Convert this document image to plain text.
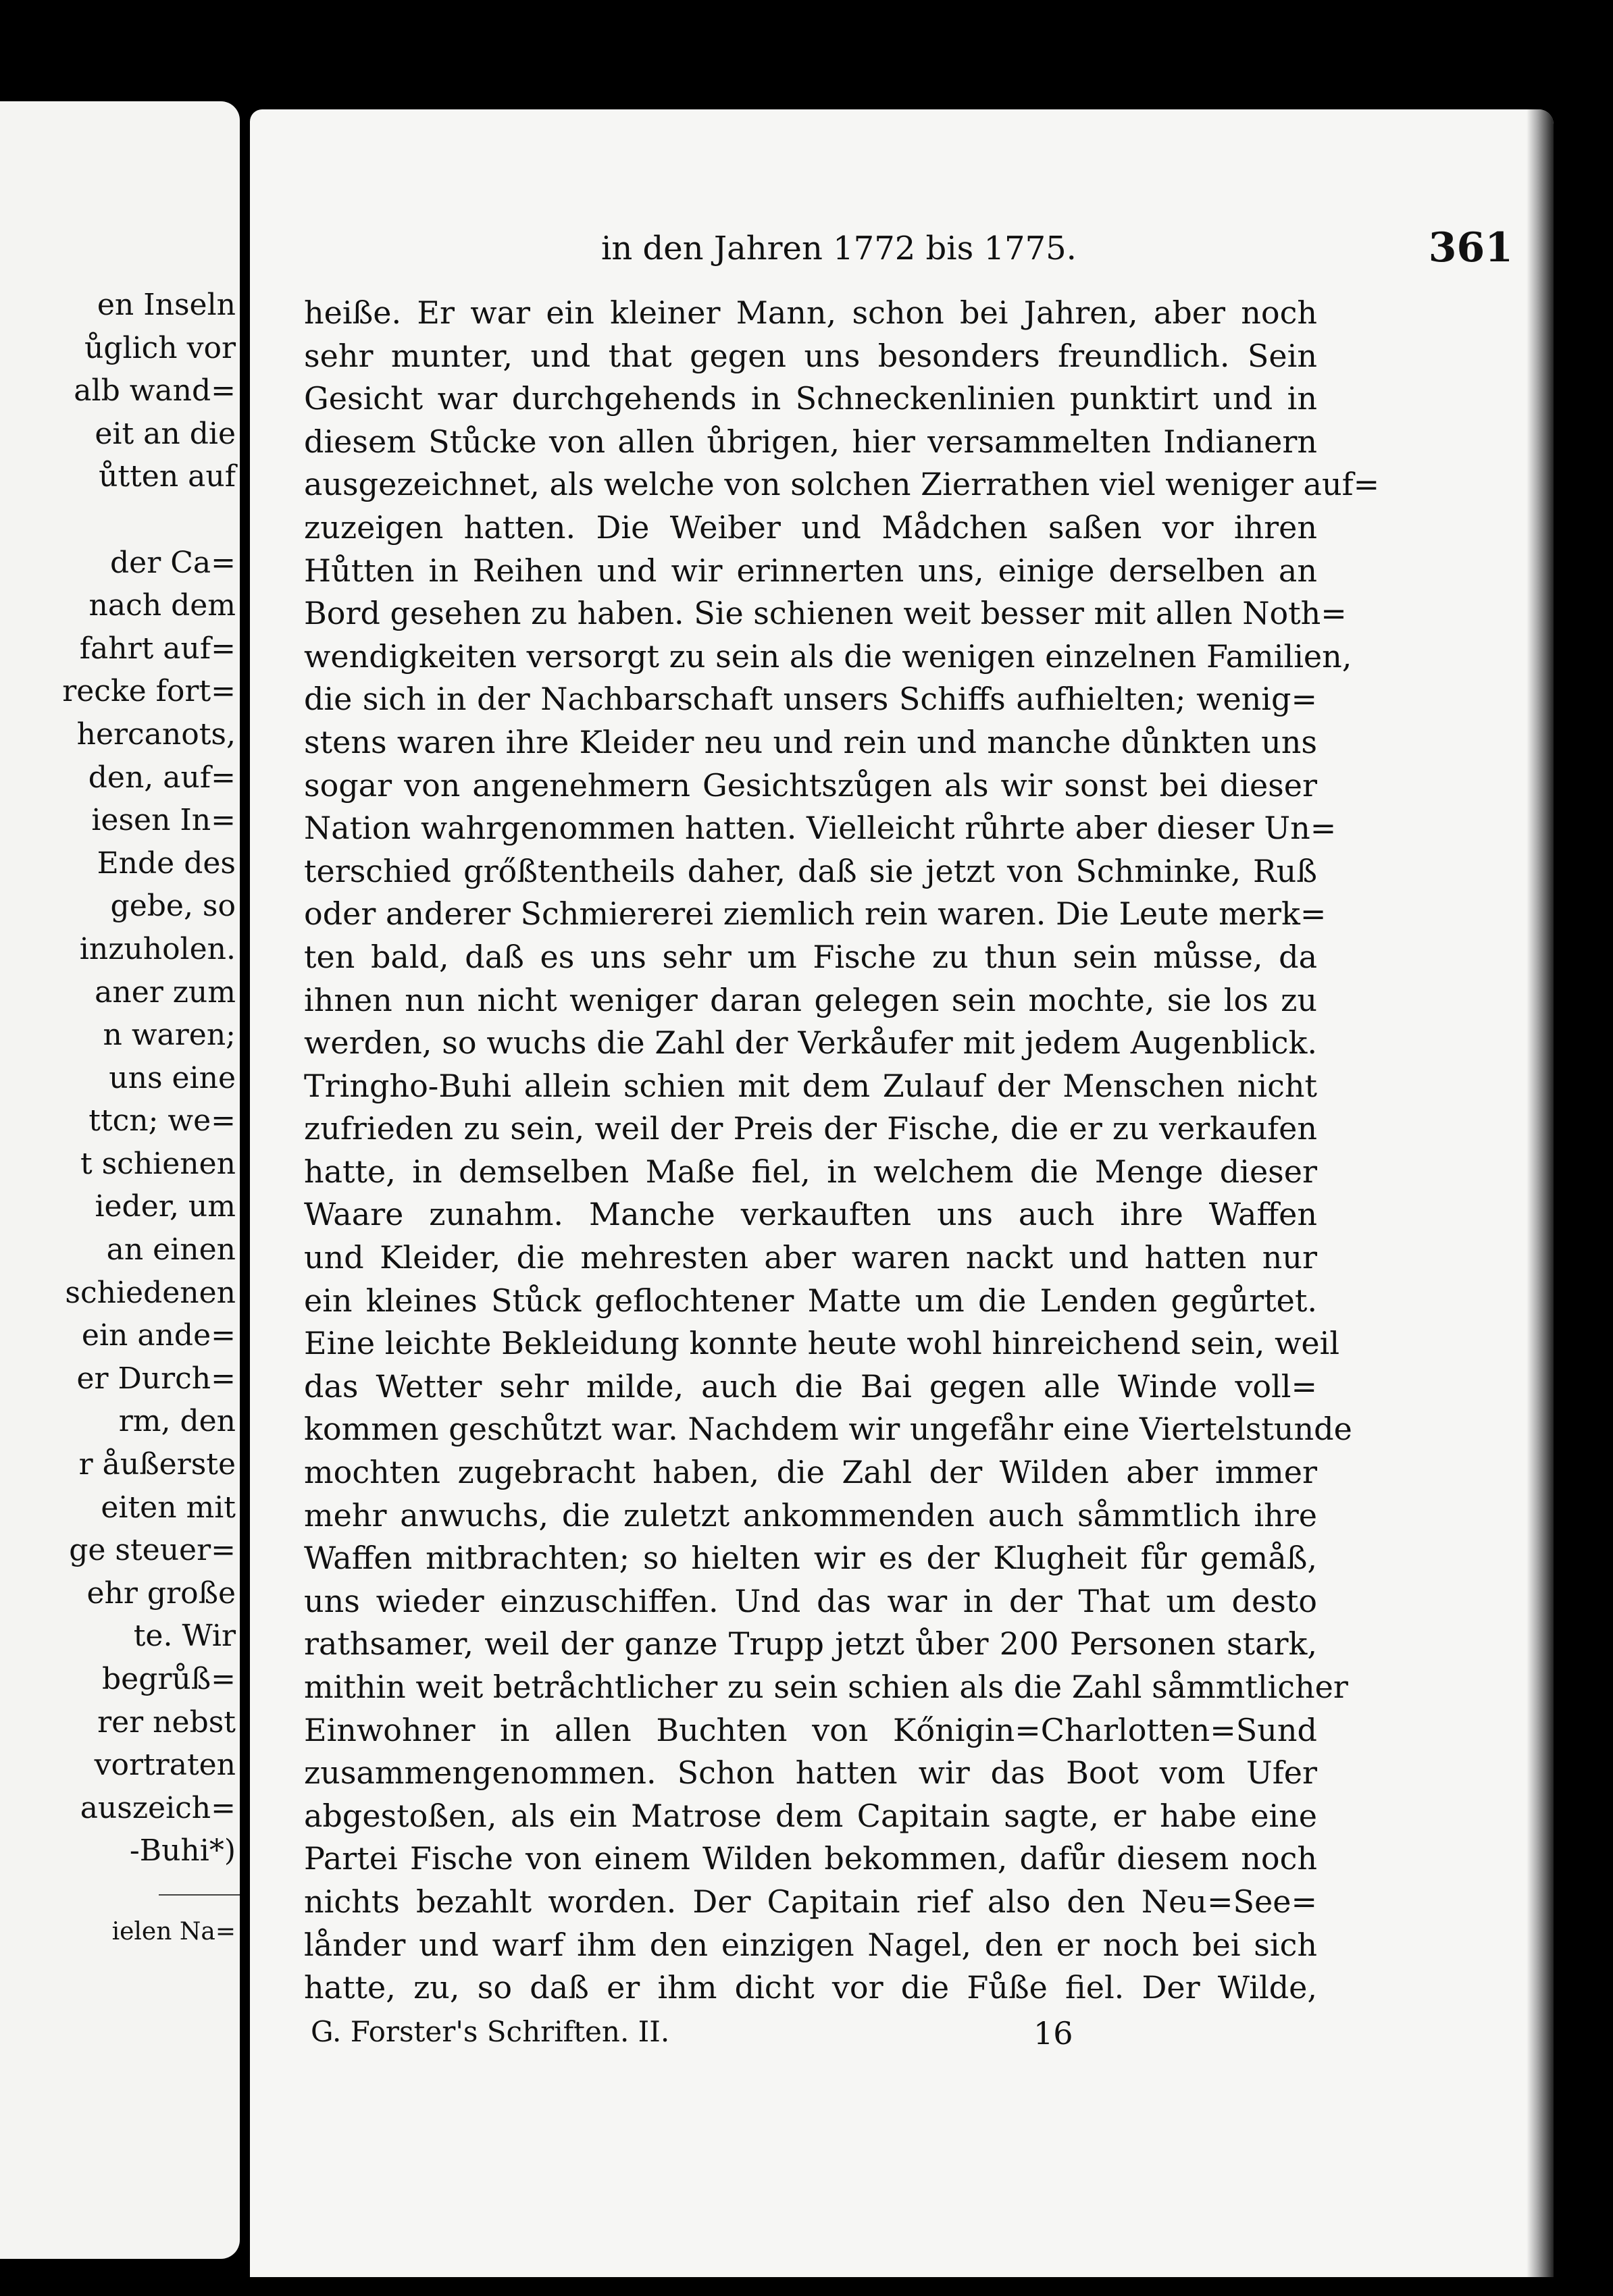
en Inseln
ůglich vor
alb wand=
eit an die
ůtten auf
der Ca=
nach dem
fahrt auf=
recke fort=
hercanots,
den, auf=
iesen In=
Ende des
gebe, so
inzuholen.
aner zum
n waren;
uns eine
ttcn; we=
t schienen
ieder, um
an einen
schiedenen
ein ande=
er Durch=
rm, den
r åußerste
eiten mit
ge steuer=
ehr große
te. Wir
begrůß=
rer nebst
vortraten
auszeich=
-Buhi*)
ielen Na=
in den Jahren 1772 bis 1775.	361
heiße. Er war ein kleiner Mann, schon bei Jahren, aber noch
sehr munter, und that gegen uns besonders freundlich. Sein
Gesicht war durchgehends in Schneckenlinien punktirt und in
diesem Stůcke von allen ůbrigen, hier versammelten Indianern
ausgezeichnet, als welche von solchen Zierrathen viel weniger auf=
zuzeigen hatten. Die Weiber und Mådchen saßen vor ihren
Hůtten in Reihen und wir erinnerten uns, einige derselben an
Bord gesehen zu haben. Sie schienen weit besser mit allen Noth=
wendigkeiten versorgt zu sein als die wenigen einzelnen Familien,
die sich in der Nachbarschaft unsers Schiffs aufhielten; wenig=
stens waren ihre Kleider neu und rein und manche důnkten uns
sogar von angenehmern Gesichtszůgen als wir sonst bei dieser
Nation wahrgenommen hatten. Vielleicht růhrte aber dieser Un=
terschied grőßtentheils daher, daß sie jetzt von Schminke, Ruß
oder anderer Schmiererei ziemlich rein waren. Die Leute merk=
ten bald, daß es uns sehr um Fische zu thun sein můsse, da
ihnen nun nicht weniger daran gelegen sein mochte, sie los zu
werden, so wuchs die Zahl der Verkåufer mit jedem Augenblick.
Tringho-Buhi allein schien mit dem Zulauf der Menschen nicht
zufrieden zu sein, weil der Preis der Fische, die er zu verkaufen
hatte, in demselben Maße fiel, in welchem die Menge dieser
Waare zunahm. Manche verkauften uns auch ihre Waffen
und Kleider, die mehresten aber waren nackt und hatten nur
ein kleines Stůck geflochtener Matte um die Lenden gegůrtet.
Eine leichte Bekleidung konnte heute wohl hinreichend sein, weil
das Wetter sehr milde, auch die Bai gegen alle Winde voll=
kommen geschůtzt war. Nachdem wir ungefåhr eine Viertelstunde
mochten zugebracht haben, die Zahl der Wilden aber immer
mehr anwuchs, die zuletzt ankommenden auch såmmtlich ihre
Waffen mitbrachten; so hielten wir es der Klugheit fůr gemåß,
uns wieder einzuschiffen. Und das war in der That um desto
rathsamer, weil der ganze Trupp jetzt ůber 200 Personen stark,
mithin weit betråchtlicher zu sein schien als die Zahl såmmtlicher
Einwohner in allen Buchten von Kőnigin=Charlotten=Sund
zusammengenommen. Schon hatten wir das Boot vom Ufer
abgestoßen, als ein Matrose dem Capitain sagte, er habe eine
Partei Fische von einem Wilden bekommen, dafůr diesem noch
nichts bezahlt worden. Der Capitain rief also den Neu=See=
lånder und warf ihm den einzigen Nagel, den er noch bei sich
hatte, zu, so daß er ihm dicht vor die Fůße fiel. Der Wilde,
G. Forster's Schriften. II.	16
